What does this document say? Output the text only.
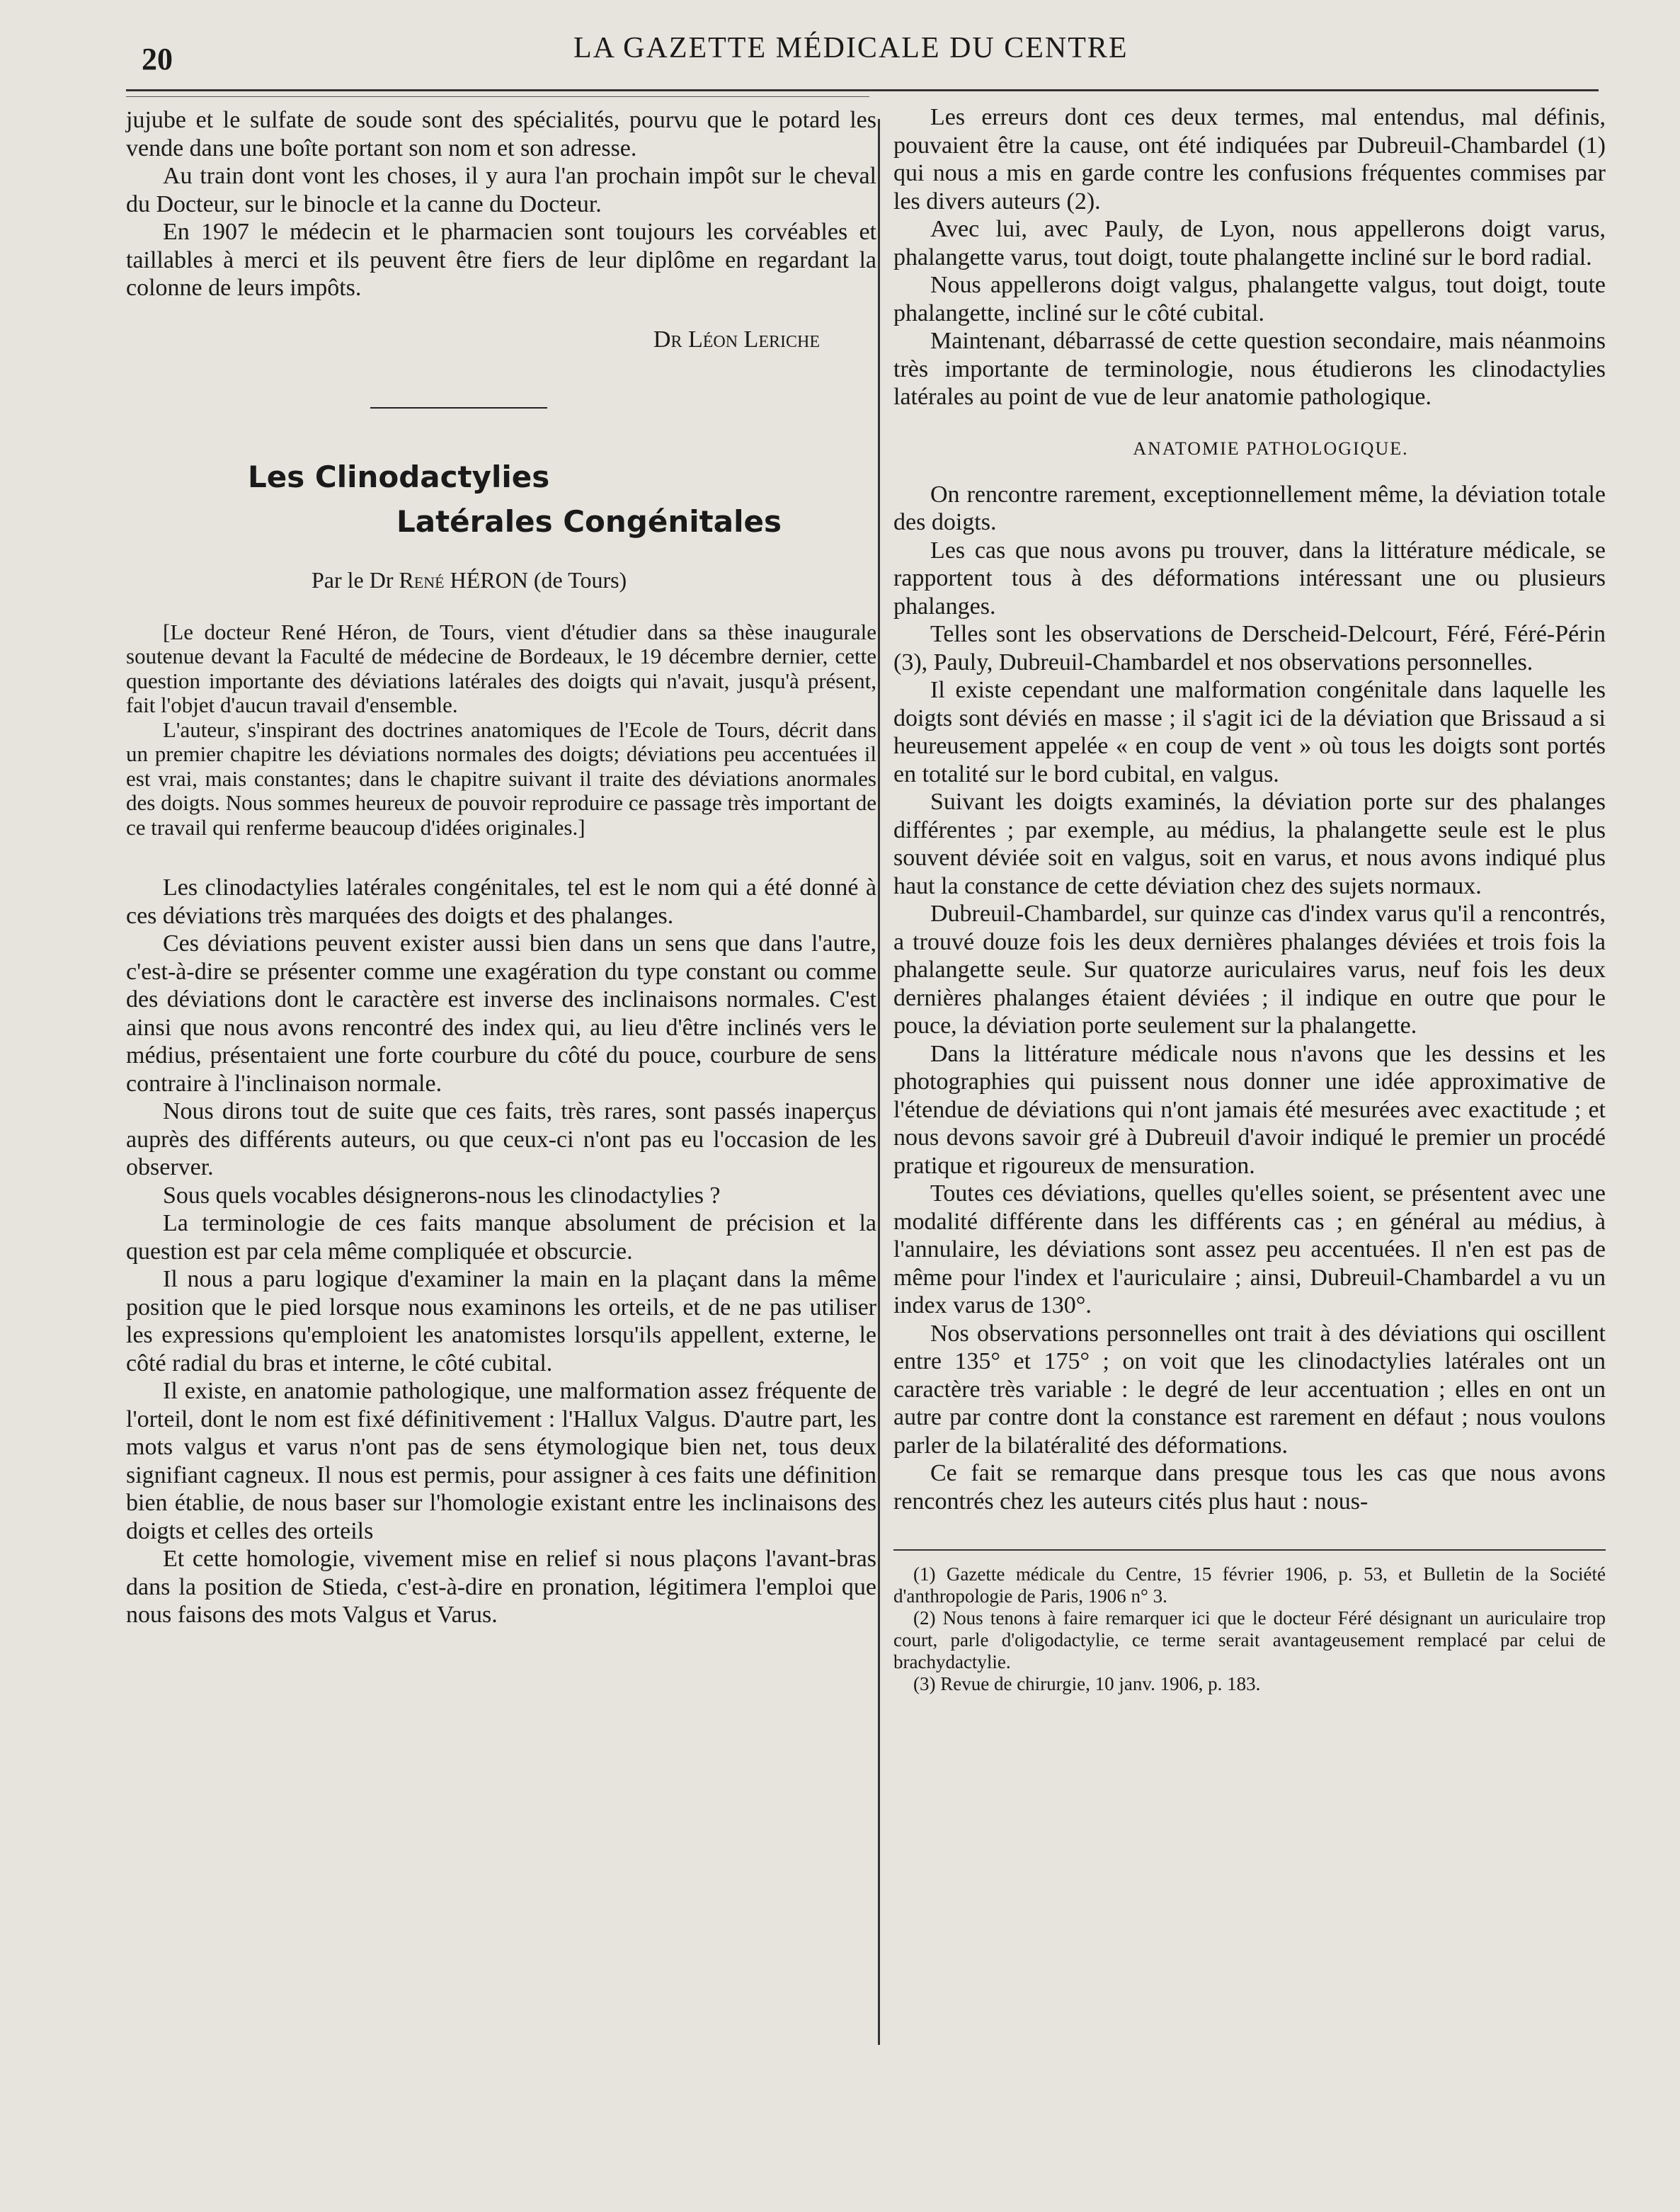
20	LA GAZETTE MÉDICALE DU CENTRE

jujube et le sulfate de soude sont des spécialités, pourvu que le potard les vende dans une boîte portant son nom et son adresse.

Au train dont vont les choses, il y aura l'an prochain impôt sur le cheval du Docteur, sur le binocle et la canne du Docteur.

En 1907 le médecin et le pharmacien sont toujours les corvéables et taillables à merci et ils peuvent être fiers de leur diplôme en regardant la colonne de leurs impôts.

Dr Léon Leriche
Les Clinodactylies
Latérales Congénitales
Par le Dr René HÉRON (de Tours)

[Le docteur René Héron, de Tours, vient d'étudier dans sa thèse inaugurale soutenue devant la Faculté de médecine de Bordeaux, le 19 décembre dernier, cette question importante des déviations latérales des doigts qui n'avait, jusqu'à présent, fait l'objet d'aucun travail d'ensemble.

L'auteur, s'inspirant des doctrines anatomiques de l'Ecole de Tours, décrit dans un premier chapitre les déviations normales des doigts; déviations peu accentuées il est vrai, mais constantes; dans le chapitre suivant il traite des déviations anormales des doigts. Nous sommes heureux de pouvoir reproduire ce passage très important de ce travail qui renferme beaucoup d'idées originales.]

Les clinodactylies latérales congénitales, tel est le nom qui a été donné à ces déviations très marquées des doigts et des phalanges.

Ces déviations peuvent exister aussi bien dans un sens que dans l'autre, c'est-à-dire se présenter comme une exagération du type constant ou comme des déviations dont le caractère est inverse des inclinaisons normales. C'est ainsi que nous avons rencontré des index qui, au lieu d'être inclinés vers le médius, présentaient une forte courbure du côté du pouce, courbure de sens contraire à l'inclinaison normale.

Nous dirons tout de suite que ces faits, très rares, sont passés inaperçus auprès des différents auteurs, ou que ceux-ci n'ont pas eu l'occasion de les observer.

Sous quels vocables désignerons-nous les clinodactylies ?

La terminologie de ces faits manque absolument de précision et la question est par cela même compliquée et obscurcie.

Il nous a paru logique d'examiner la main en la plaçant dans la même position que le pied lorsque nous examinons les orteils, et de ne pas utiliser les expressions qu'emploient les anatomistes lorsqu'ils appellent, externe, le côté radial du bras et interne, le côté cubital.

Il existe, en anatomie pathologique, une malformation assez fréquente de l'orteil, dont le nom est fixé définitivement : l'Hallux Valgus. D'autre part, les mots valgus et varus n'ont pas de sens étymologique bien net, tous deux signifiant cagneux. Il nous est permis, pour assigner à ces faits une définition bien établie, de nous baser sur l'homologie existant entre les inclinaisons des doigts et celles des orteils

Et cette homologie, vivement mise en relief si nous plaçons l'avant-bras dans la position de Stieda, c'est-à-dire en pronation, légitimera l'emploi que nous faisons des mots Valgus et Varus.

Les erreurs dont ces deux termes, mal entendus, mal définis, pouvaient être la cause, ont été indiquées par Dubreuil-Chambardel (1) qui nous a mis en garde contre les confusions fréquentes commises par les divers auteurs (2).

Avec lui, avec Pauly, de Lyon, nous appellerons doigt varus, phalangette varus, tout doigt, toute phalangette incliné sur le bord radial.

Nous appellerons doigt valgus, phalangette valgus, tout doigt, toute phalangette, incliné sur le côté cubital.

Maintenant, débarrassé de cette question secondaire, mais néanmoins très importante de terminologie, nous étudierons les clinodactylies latérales au point de vue de leur anatomie pathologique.

ANATOMIE PATHOLOGIQUE.

On rencontre rarement, exceptionnellement même, la déviation totale des doigts.

Les cas que nous avons pu trouver, dans la littérature médicale, se rapportent tous à des déformations intéressant une ou plusieurs phalanges.

Telles sont les observations de Derscheid-Delcourt, Féré, Féré-Périn (3), Pauly, Dubreuil-Chambardel et nos observations personnelles.

Il existe cependant une malformation congénitale dans laquelle les doigts sont déviés en masse ; il s'agit ici de la déviation que Brissaud a si heureusement appelée « en coup de vent » où tous les doigts sont portés en totalité sur le bord cubital, en valgus.

Suivant les doigts examinés, la déviation porte sur des phalanges différentes ; par exemple, au médius, la phalangette seule est le plus souvent déviée soit en valgus, soit en varus, et nous avons indiqué plus haut la constance de cette déviation chez des sujets normaux.

Dubreuil-Chambardel, sur quinze cas d'index varus qu'il a rencontrés, a trouvé douze fois les deux dernières phalanges déviées et trois fois la phalangette seule. Sur quatorze auriculaires varus, neuf fois les deux dernières phalanges étaient déviées ; il indique en outre que pour le pouce, la déviation porte seulement sur la phalangette.

Dans la littérature médicale nous n'avons que les dessins et les photographies qui puissent nous donner une idée approximative de l'étendue de déviations qui n'ont jamais été mesurées avec exactitude ; et nous devons savoir gré à Dubreuil d'avoir indiqué le premier un procédé pratique et rigoureux de mensuration.

Toutes ces déviations, quelles qu'elles soient, se présentent avec une modalité différente dans les différents cas ; en général au médius, à l'annulaire, les déviations sont assez peu accentuées. Il n'en est pas de même pour l'index et l'auriculaire ; ainsi, Dubreuil-Chambardel a vu un index varus de 130°.

Nos observations personnelles ont trait à des déviations qui oscillent entre 135° et 175° ; on voit que les clinodactylies latérales ont un caractère très variable : le degré de leur accentuation ; elles en ont un autre par contre dont la constance est rarement en défaut ; nous voulons parler de la bilatéralité des déformations.

Ce fait se remarque dans presque tous les cas que nous avons rencontrés chez les auteurs cités plus haut : nous-

(1) Gazette médicale du Centre, 15 février 1906, p. 53, et Bulletin de la Société d'anthropologie de Paris, 1906 n° 3.

(2) Nous tenons à faire remarquer ici que le docteur Féré désignant un auriculaire trop court, parle d'oligodactylie, ce terme serait avantageusement remplacé par celui de brachydactylie.

(3) Revue de chirurgie, 10 janv. 1906, p. 183.
